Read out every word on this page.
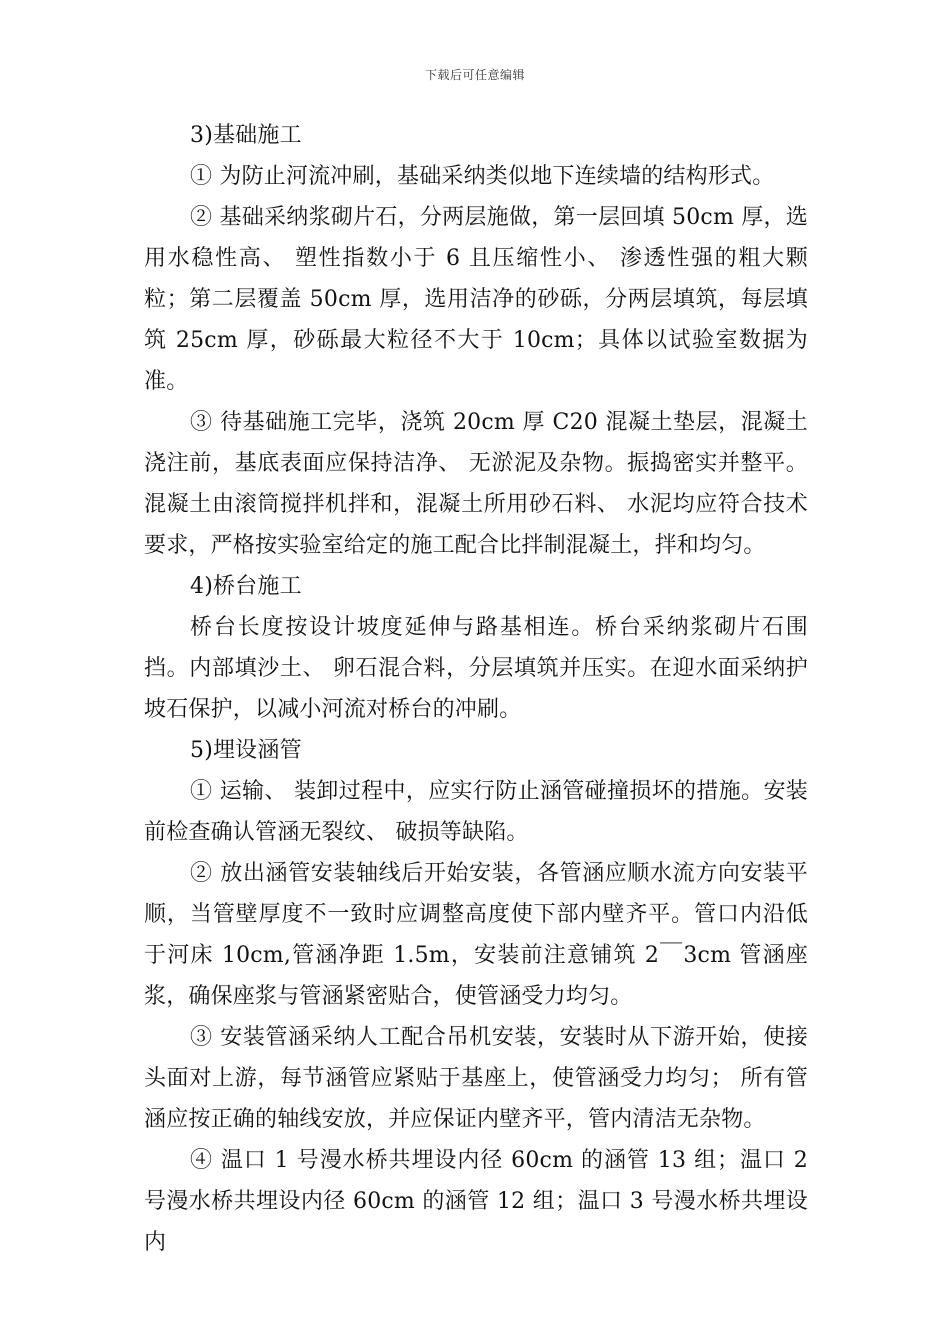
下载后可任意编辑

3)基础施工

① 为防止河流冲刷，基础采纳类似地下连续墙的结构形式。

② 基础采纳浆砌片石，分两层施做，第一层回填 50cm 厚，选用水稳性高、 塑性指数小于 6 且压缩性小、 渗透性强的粗大颗粒；第二层覆盖 50cm 厚，选用洁净的砂砾，分两层填筑，每层填筑 25cm 厚，砂砾最大粒径不大于 10cm；具体以试验室数据为准。

③ 待基础施工完毕，浇筑 20cm 厚 C20 混凝土垫层，混凝土浇注前，基底表面应保持洁净、 无淤泥及杂物。振捣密实并整平。混凝土由滚筒搅拌机拌和，混凝土所用砂石料、 水泥均应符合技术要求，严格按实验室给定的施工配合比拌制混凝土，拌和均匀。

4)桥台施工

桥台长度按设计坡度延伸与路基相连。桥台采纳浆砌片石围挡。内部填沙土、 卵石混合料，分层填筑并压实。在迎水面采纳护坡石保护，以减小河流对桥台的冲刷。

5)埋设涵管

① 运输、 装卸过程中，应实行防止涵管碰撞损坏的措施。安装前检查确认管涵无裂纹、 破损等缺陷。

② 放出涵管安装轴线后开始安装，各管涵应顺水流方向安装平顺，当管壁厚度不一致时应调整高度使下部内壁齐平。管口内沿低于河床 10cm,管涵净距 1.5m，安装前注意铺筑 2￣3cm 管涵座浆，确保座浆与管涵紧密贴合，使管涵受力均匀。

③ 安装管涵采纳人工配合吊机安装，安装时从下游开始，使接头面对上游，每节涵管应紧贴于基座上，使管涵受力均匀； 所有管涵应按正确的轴线安放，并应保证内壁齐平，管内清洁无杂物。

④ 温口 1 号漫水桥共埋设内径 60cm 的涵管 13 组；温口 2 号漫水桥共埋设内径 60cm 的涵管 12 组；温口 3 号漫水桥共埋设内
